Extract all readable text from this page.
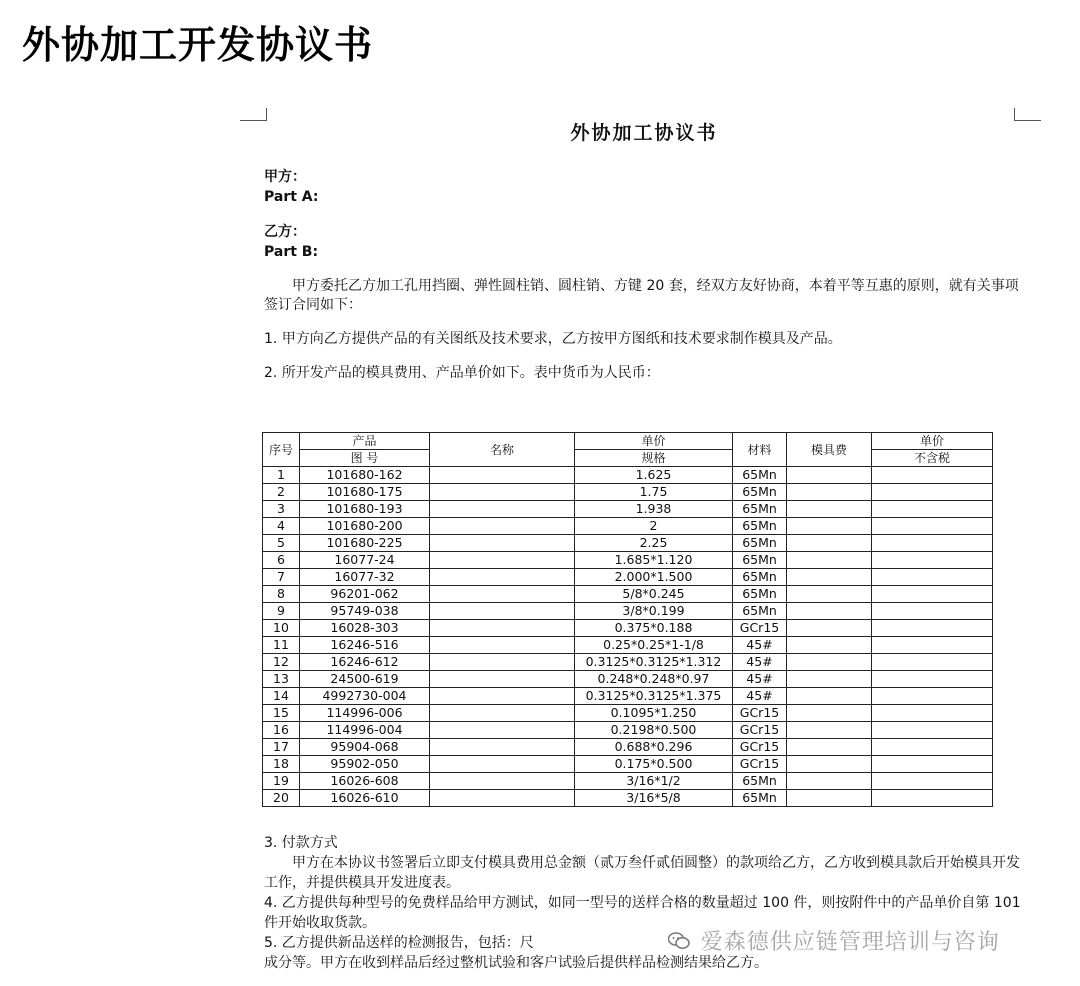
外协加工开发协议书
外协加工协议书
甲方：
Part A:
乙方：
Part B:

甲方委托乙方加工孔用挡圈、弹性圆柱销、圆柱销、方键 20 套，经双方友好协商，本着平等互惠的原则，就有关事项签订合同如下：

1. 甲方向乙方提供产品的有关图纸及技术要求，乙方按甲方图纸和技术要求制作模具及产品。

2. 所开发产品的模具费用、产品单价如下。表中货币为人民币：

序号	产品	名称	单价	材料	模具费	单价
	图 号		规格			不含税
1	101680-162		1.625	65Mn		
2	101680-175		1.75	65Mn		
3	101680-193		1.938	65Mn		
4	101680-200		2	65Mn		
5	101680-225		2.25	65Mn		
6	16077-24		1.685*1.120	65Mn		
7	16077-32		2.000*1.500	65Mn		
8	96201-062		5/8*0.245	65Mn		
9	95749-038		3/8*0.199	65Mn		
10	16028-303		0.375*0.188	GCr15		
11	16246-516		0.25*0.25*1-1/8	45#		
12	16246-612		0.3125*0.3125*1.312	45#		
13	24500-619		0.248*0.248*0.97	45#		
14	4992730-004		0.3125*0.3125*1.375	45#		
15	114996-006		0.1095*1.250	GCr15		
16	114996-004		0.2198*0.500	GCr15		
17	95904-068		0.688*0.296	GCr15		
18	95902-050		0.175*0.500	GCr15		
19	16026-608		3/16*1/2	65Mn		
20	16026-610		3/16*5/8	65Mn		

3. 付款方式

甲方在本协议书签署后立即支付模具费用总金额（贰万叁仟贰佰圆整）的款项给乙方，乙方收到模具款后开始模具开发工作，并提供模具开发进度表。

4. 乙方提供每种型号的免费样品给甲方测试，如同一型号的送样合格的数量超过 100 件，则按附件中的产品单价自第 101 件开始收取货款。

5. 乙方提供新品送样的检测报告，包括：尺

成分等。甲方在收到样品后经过整机试验和客户试验后提供样品检测结果给乙方。

爱森德供应链管理培训与咨询
